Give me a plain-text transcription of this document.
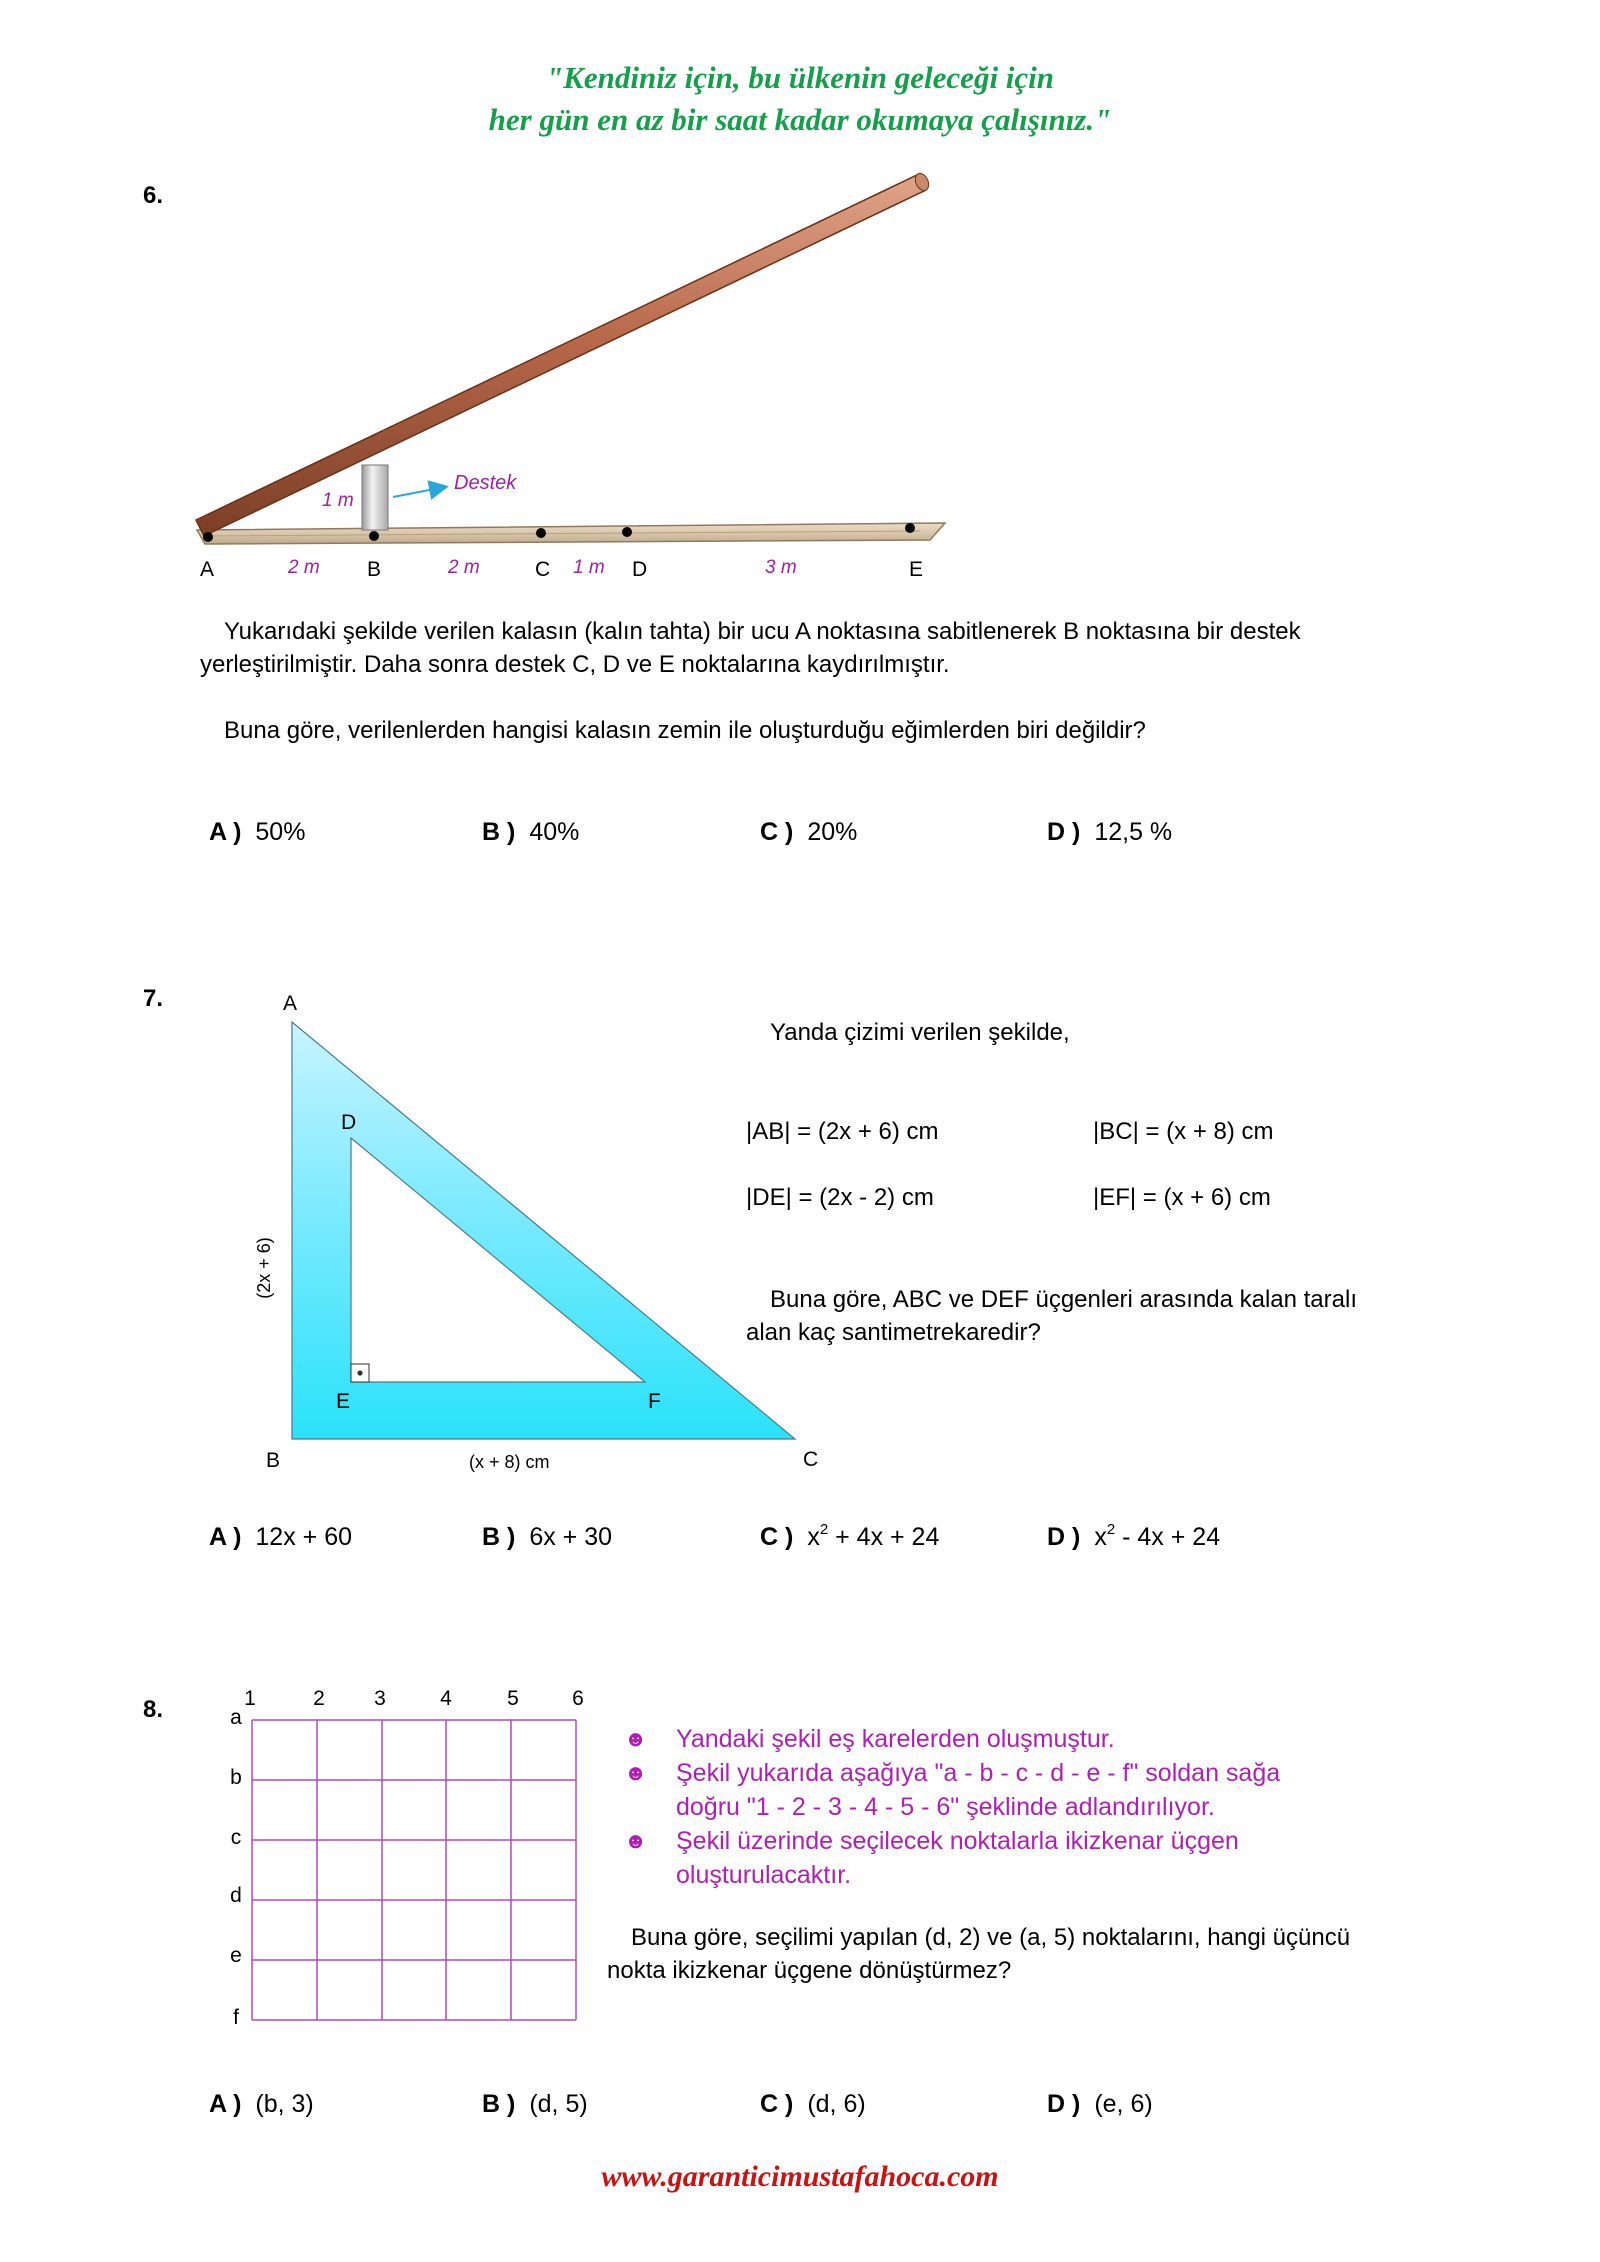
"Kendiniz için, bu ülkenin geleceği için
her gün en az bir saat kadar okumaya çalışınız."
6.
Destek
1 m
A	B	C	D	E
2 m	2 m	1 m	3 m
Yukarıdaki şekilde verilen kalasın (kalın tahta) bir ucu A noktasına sabitlenerek B noktasına bir destek yerleştirilmiştir. Daha sonra destek C, D ve E noktalarına kaydırılmıştır.
Buna göre, verilenlerden hangisi kalasın zemin ile oluşturduğu eğimlerden biri değildir?
A ) 50%	B ) 40%	C ) 20%	D ) 12,5 %
7.	A
D
E	F
B	C
(x + 8) cm
(2x + 6)
Yanda çizimi verilen şekilde,
|AB| = (2x + 6) cm	|BC| = (x + 8) cm
|DE| = (2x - 2) cm	|EF| = (x + 6) cm
Buna göre, ABC ve DEF üçgenleri arasında kalan taralı alan kaç santimetrekaredir?
A ) 12x + 60	B ) 6x + 30	C ) $x^2 + 4x + 24$	D ) $x^2 - 4x + 24$
8.	1	2 3	4	5	6
a
b
c
d
e
f
☻ Yandaki şekil eş karelerden oluşmuştur.
☻ Şekil yukarıda aşağıya "a - b - c - d - e - f" soldan sağa doğru "1 - 2 - 3 - 4 - 5 - 6" şeklinde adlandırılıyor.
☻ Şekil üzerinde seçilecek noktalarla ikizkenar üçgen oluşturulacaktır.
Buna göre, seçilimi yapılan (d, 2) ve (a, 5) noktalarını, hangi üçüncü nokta ikizkenar üçgene dönüştürmez?
A ) (b, 3)	B ) (d, 5)	C ) (d, 6)	D ) (e, 6)
www.garanticimustafahoca.com
